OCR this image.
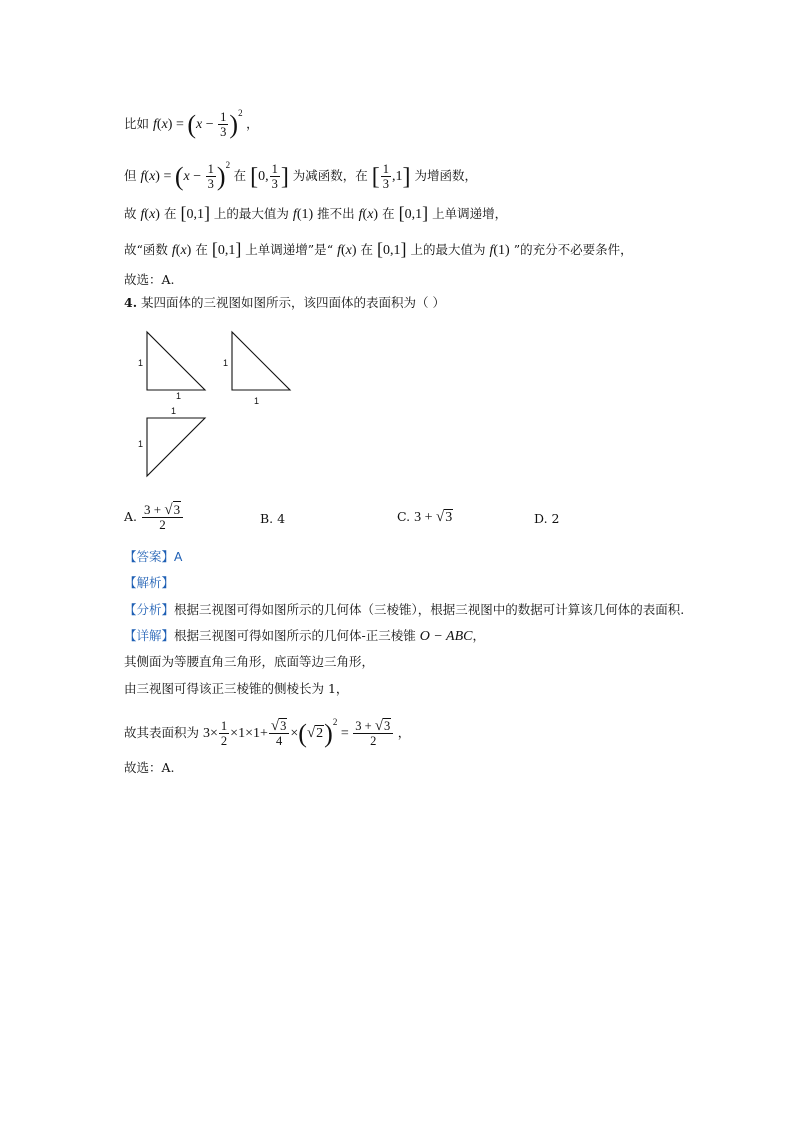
比如 $f(x) = (x - \frac{1}{3} )^2$ ，
但 $f(x) = (x - \frac{1}{3} )^2$ 在 [0, $\frac{1}{3}$ ] 为减函数，在 [ $\frac{1}{3} ,1$] 为增函数，
故 f(x) 在 [0,1] 上的最大值为 f(1) 推不出 f(x) 在 [0,1] 上单调递增，
故“函数 f(x) 在 [0,1] 上单调递增”是“ f(x) 在 [0,1] 上的最大值为 f(1) ”的充分不必要条件，
故选：A.
4. 某四面体的三视图如图所示，该四面体的表面积为（ ）
1
1
1
1
1
1
A. $\frac{3 + √3}{2}$	B. 4	C. 3 + √3	D. 2
【答案】A
【解析】
【分析】根据三视图可得如图所示的几何体（三棱锥），根据三视图中的数据可计算该几何体的表面积.
【详解】根据三视图可得如图所示的几何体-正三棱锥 O − ABC，
其侧面为等腰直角三角形，底面等边三角形，
由三视图可得该正三棱锥的侧棱长为 1，
故其表面积为 $3\times \frac{1}{2} \times 1\times 1+ \frac{√3}{4} \times(√2)^2 = \frac{3 + √3}{2}$ ，
故选：A.
